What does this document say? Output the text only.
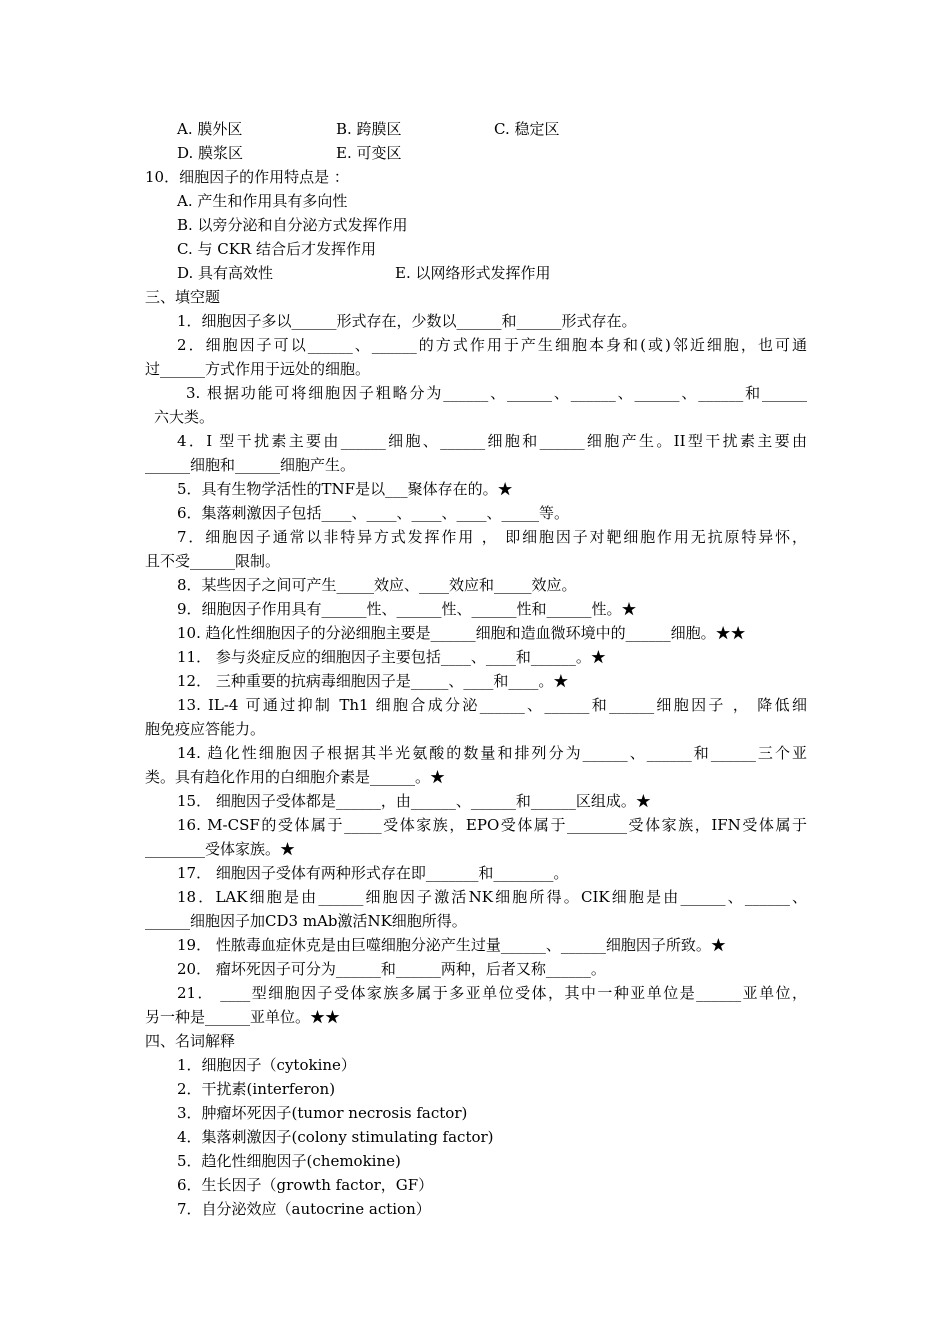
A. 膜外区	B. 跨膜区	C. 稳定区
D. 膜浆区	E. 可变区
10．细胞因子的作用特点是 ：
A. 产生和作用具有多向性
B. 以旁分泌和自分泌方式发挥作用
C. 与 CKR 结合后才发挥作用
D. 具有高效性	E. 以网络形式发挥作用
三、填空题
1．细胞因子多以______形式存在，少数以______和______形式存在。
2．细胞因子可以______、______的方式作用于产生细胞本身和(或)邻近细胞，也可通
过______方式作用于远处的细胞。
3. 根据功能可将细胞因子粗略分为______、______、______、______、______和______
六大类。
4．I 型干扰素主要由______细胞、______细胞和______细胞产生。II型干扰素主要由
______细胞和______细胞产生。
5．具有生物学活性的TNF是以___聚体存在的。★
6．集落刺激因子包括____、____、____、____、_____等。
7．细胞因子通常以非特异方式发挥作用 ， 即细胞因子对靶细胞作用无抗原特异怀，
且不受______限制。
8．某些因子之间可产生_____效应、____效应和_____效应。
9．细胞因子作用具有______性、______性、______性和______性。★
10. 趋化性细胞因子的分泌细胞主要是______细胞和造血微环境中的______细胞。★★
11． 参与炎症反应的细胞因子主要包括____、____和______。★
12． 三种重要的抗病毒细胞因子是_____、____和____。★
13. IL-4 可通过抑制 Th1 细胞合成分泌______、______和______细胞因子 ， 降低细
胞免疫应答能力。
14. 趋化性细胞因子根据其半光氨酸的数量和排列分为______、______和______三个亚
类。具有趋化作用的白细胞介素是______。★
15． 细胞因子受体都是______，由______、______和______区组成。★
16. M-CSF的受体属于_____受体家族，EPO受体属于________受体家族，IFN受体属于
________受体家族。★
17． 细胞因子受体有两种形式存在即_______和________。
18．LAK细胞是由______细胞因子激活NK细胞所得。CIK细胞是由______、______、
______细胞因子加CD3 mAb激活NK细胞所得。
19． 性脓毒血症休克是由巨噬细胞分泌产生过量______、______细胞因子所致。★
20． 瘤坏死因子可分为______和______两种，后者又称______。
21． ____型细胞因子受体家族多属于多亚单位受体，其中一种亚单位是______亚单位，
另一种是______亚单位。★★
四、名词解释
1．细胞因子（cytokine）
2．干扰素(interferon)
3．肿瘤坏死因子(tumor necrosis factor)
4．集落刺激因子(colony stimulating factor)
5．趋化性细胞因子(chemokine)
6．生长因子（growth factor，GF）
7．自分泌效应（autocrine action）
